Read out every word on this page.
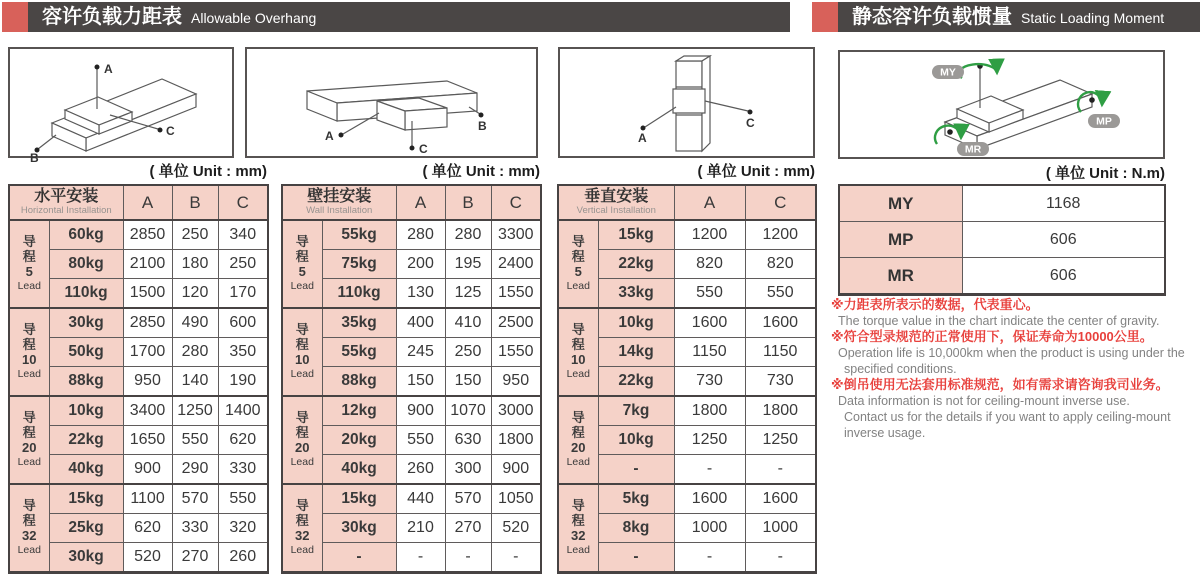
容许负载力距表 Allowable Overhang	静态容许负载惯量 Static Loading Moment
A
B
C	A
B
C
A
C
MY
MP
MR
( 单位 Unit : mm)	( 单位 Unit : mm)	( 单位 Unit : mm)	( 单位 Unit : N.m)
水平安装
Horizontal Installation		A	B	C

导程
5
Lead	60kg	2850	250	340
	80kg	2100	180	250
	110kg	1500	120	170

导程
10
Lead	30kg	2850	490	600
	50kg	1700	280	350
	88kg	950	140	190

导程
20
Lead	10kg	3400	1250	1400
	22kg	1650	550	620
	40kg	900	290	330

导程
32
Lead	15kg	1100	570	550
	25kg	620	330	320
	30kg	520	270	260
壁挂安装
Wall Installation		A	B	C

导程
5
Lead	55kg	280	280	3300
	75kg	200	195	2400
	110kg	130	125	1550

导程
10
Lead	35kg	400	410	2500
	55kg	245	250	1550
	88kg	150	150	950

导程
20
Lead	12kg	900	1070	3000
	20kg	550	630	1800
	40kg	260	300	900

导程
32
Lead	15kg	440	570	1050
	30kg	210	270	520
	-	-	-	-
垂直安装
Vertical Installation		A	C

导程
5
Lead	15kg	1200	1200
	22kg	820	820
	33kg	550	550

导程
10
Lead	10kg	1600	1600
	14kg	1150	1150
	22kg	730	730

导程
20
Lead	7kg	1800	1800
	10kg	1250	1250
	-	-	-

导程
32
Lead	5kg	1600	1600
	8kg	1000	1000
	-	-	-
MY	1168
MP	606
MR	606
※力距表所表示的数据，代表重心。
The torque value in the chart indicate the center of gravity.
※符合型录规范的正常使用下，保证寿命为10000公里。
Operation life is 10,000km when the product is using under the
specified conditions.
※倒吊使用无法套用标准规范，如有需求请咨询我司业务。
Data information is not for ceiling-mount inverse use.
Contact us for the details if you want to apply ceiling-mount
inverse usage.
